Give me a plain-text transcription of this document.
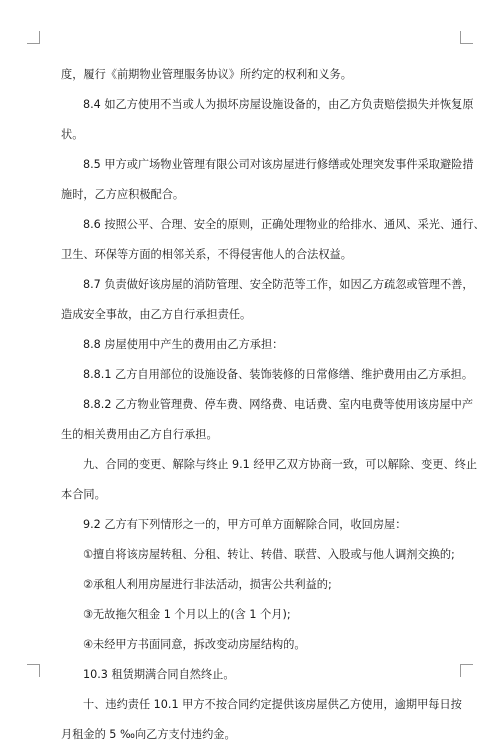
度，履行《前期物业管理服务协议》所约定的权利和义务。

8.4 如乙方使用不当或人为损坏房屋设施设备的，由乙方负责赔偿损失并恢复原

状。

8.5 甲方或广场物业管理有限公司对该房屋进行修缮或处理突发事件采取避险措

施时，乙方应积极配合。

8.6 按照公平、合理、安全的原则，正确处理物业的给排水、通风、采光、通行、

卫生、环保等方面的相邻关系，不得侵害他人的合法权益。

8.7 负责做好该房屋的消防管理、安全防范等工作，如因乙方疏忽或管理不善，

造成安全事故，由乙方自行承担责任。

8.8 房屋使用中产生的费用由乙方承担：

8.8.1 乙方自用部位的设施设备、装饰装修的日常修缮、维护费用由乙方承担。

8.8.2 乙方物业管理费、停车费、网络费、电话费、室内电费等使用该房屋中产

生的相关费用由乙方自行承担。

九、合同的变更、解除与终止 9.1 经甲乙双方协商一致，可以解除、变更、终止

本合同。

9.2 乙方有下列情形之一的，甲方可单方面解除合同，收回房屋：

①擅自将该房屋转租、分租、转让、转借、联营、入股或与他人调剂交换的;

②承租人利用房屋进行非法活动，损害公共利益的;

③无故拖欠租金 1 个月以上的(含 1 个月);

④未经甲方书面同意，拆改变动房屋结构的。

10.3 租赁期满合同自然终止。

十、违约责任 10.1 甲方不按合同约定提供该房屋供乙方使用，逾期甲每日按

月租金的 5 ‰向乙方支付违约金。
